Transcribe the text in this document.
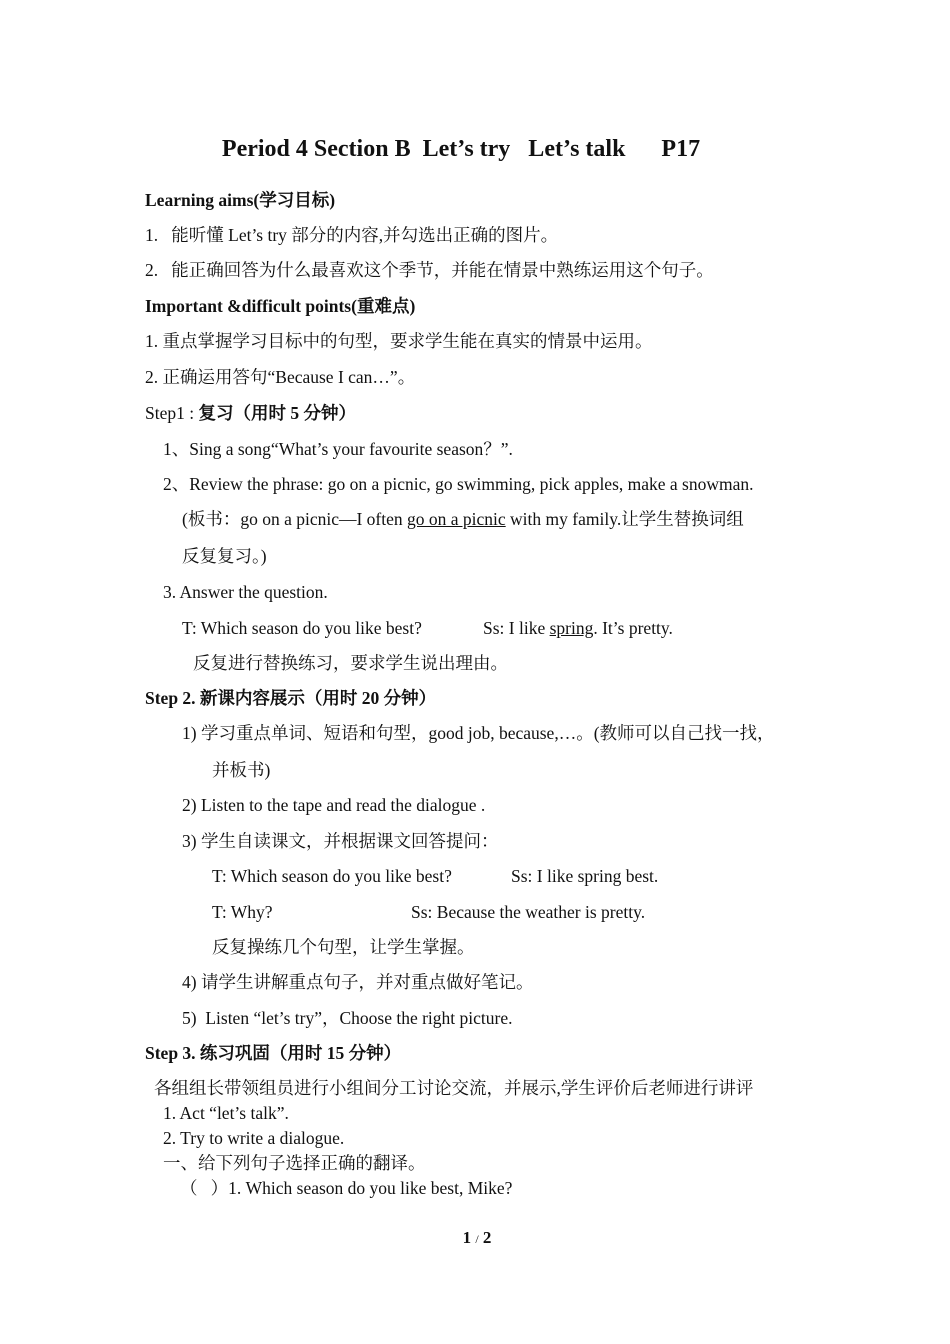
Period 4 Section B  Let’s try   Let’s talk      P17
Learning aims(学习目标)
1.   能听懂 Let’s try 部分的内容,并勾选出正确的图片。
2.   能正确回答为什么最喜欢这个季节，并能在情景中熟练运用这个句子。
Important &difficult points(重难点)
1. 重点掌握学习目标中的句型，要求学生能在真实的情景中运用。
2. 正确运用答句“Because I can…”。
Step1 : 复习（用时 5 分钟）
1、Sing a song“What’s your favourite season？”.
2、Review the phrase: go on a picnic, go swimming, pick apples, make a snowman.
(板书：go on a picnic—I often go on a picnic with my family.让学生替换词组
反复复习。)
3. Answer the question.
T: Which season do you like best?	Ss: I like spring. It’s pretty.
反复进行替换练习，要求学生说出理由。
Step 2. 新课内容展示（用时 20 分钟）
1) 学习重点单词、短语和句型，good job, because,…。(教师可以自己找一找，
并板书)
2) Listen to the tape and read the dialogue .
3) 学生自读课文，并根据课文回答提问：
T: Which season do you like best?	Ss: I like spring best.
T: Why?	Ss: Because the weather is pretty.
反复操练几个句型，让学生掌握。
4) 请学生讲解重点句子，并对重点做好笔记。
5)  Listen “let’s try”，Choose the right picture.
Step 3. 练习巩固（用时 15 分钟）
各组组长带领组员进行小组间分工讨论交流，并展示,学生评价后老师进行讲评
1. Act “let’s talk”.
2. Try to write a dialogue.
一、给下列句子选择正确的翻译。
（   ）1. Which season do you like best, Mike?
1 / 2
